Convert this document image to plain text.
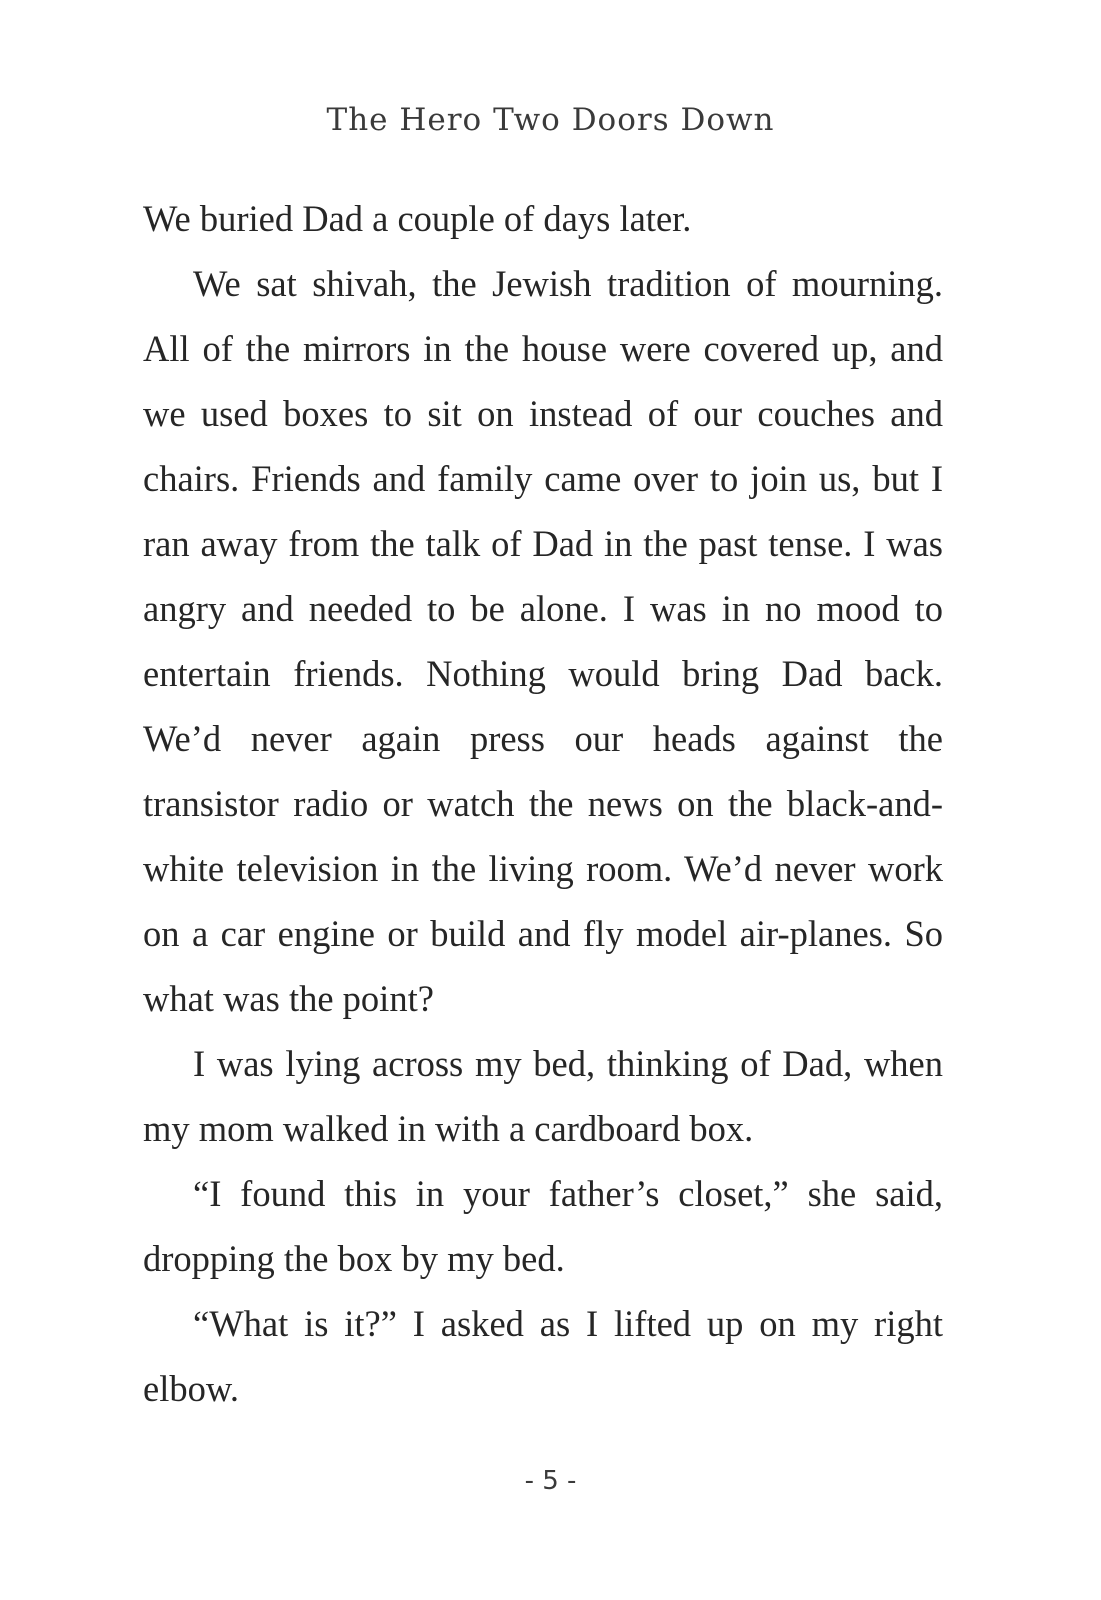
The Hero Two Doors Down

We buried Dad a couple of days later.

We sat shivah, the Jewish tradition of mourning. All of the mirrors in the house were covered up, and we used boxes to sit on instead of our couches and chairs. Friends and family came over to join us, but I ran away from the talk of Dad in the past tense. I was angry and needed to be alone. I was in no mood to entertain friends. Nothing would bring Dad back. We’d never again press our heads against the transistor radio or watch the news on the black-and-white television in the living room. We’d never work on a car engine or build and fly model air-planes. So what was the point?

I was lying across my bed, thinking of Dad, when my mom walked in with a cardboard box.

“I found this in your father’s closet,” she said, dropping the box by my bed.

“What is it?” I asked as I lifted up on my right elbow.

- 5 -
